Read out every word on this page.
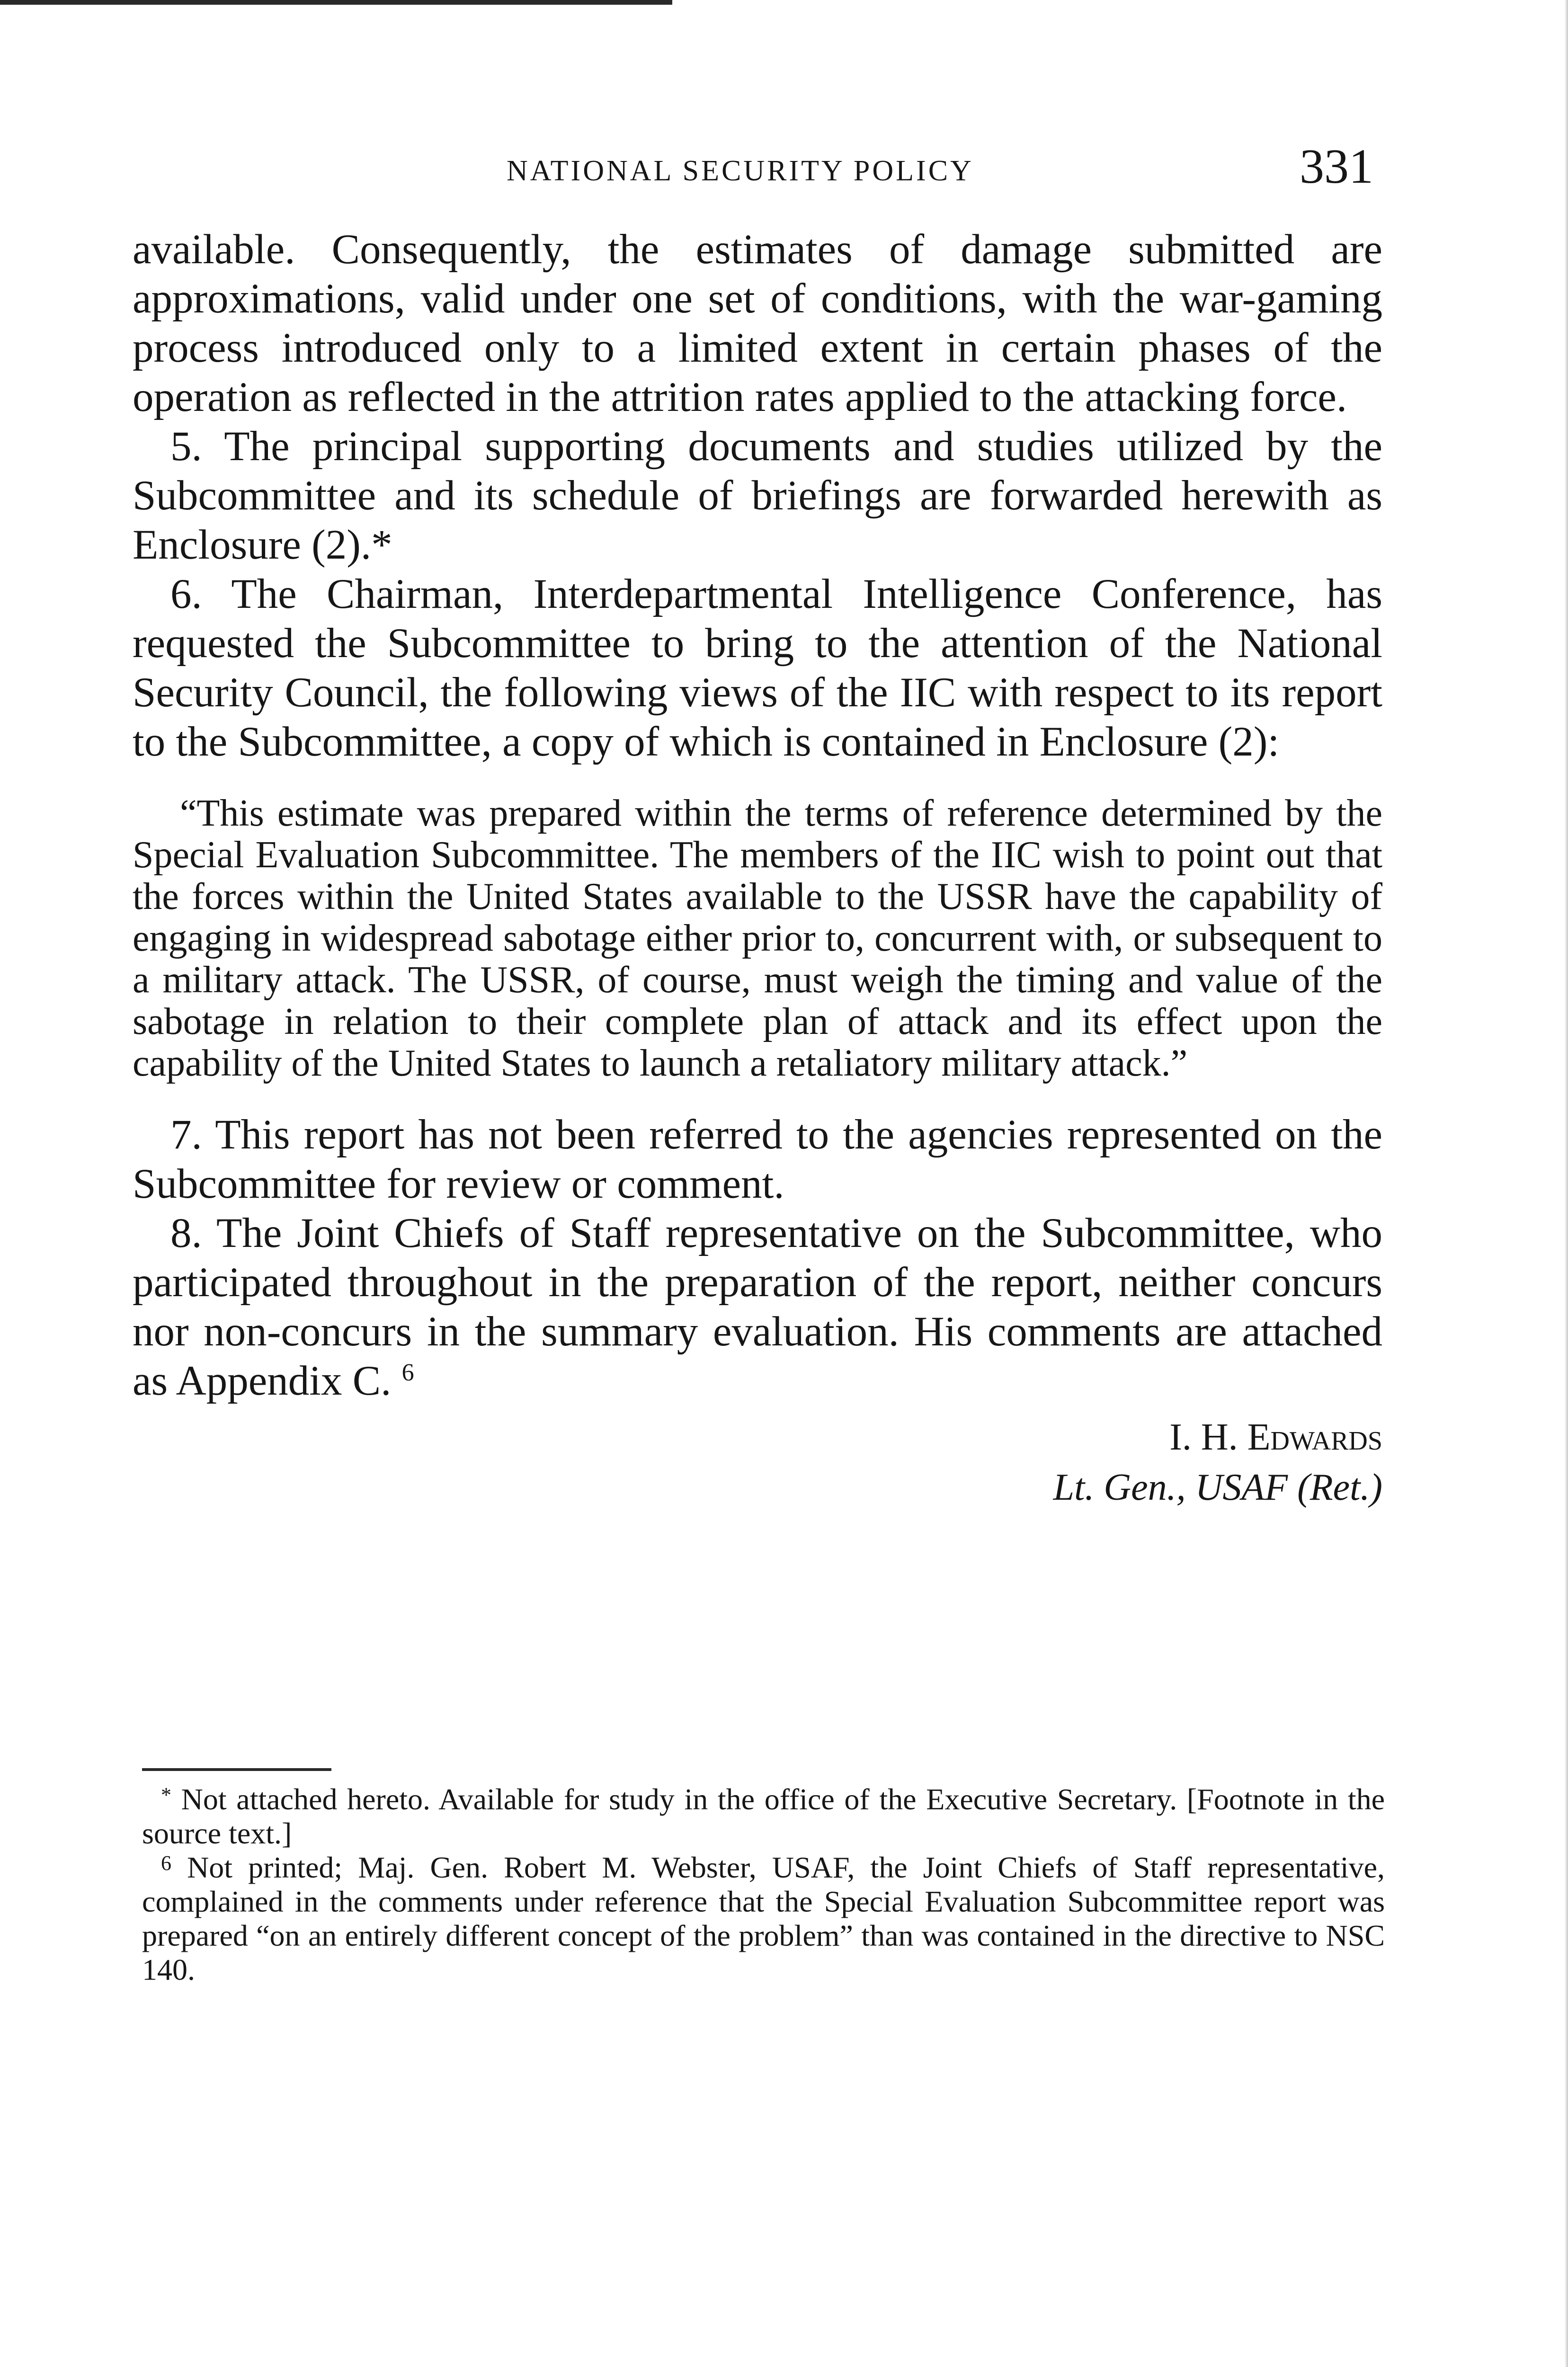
NATIONAL SECURITY POLICY	331

available. Consequently, the estimates of damage submitted are approximations, valid under one set of conditions, with the war-gaming process introduced only to a limited extent in certain phases of the operation as reflected in the attrition rates applied to the attacking force.

5. The principal supporting documents and studies utilized by the Subcommittee and its schedule of briefings are forwarded herewith as Enclosure (2).*

6. The Chairman, Interdepartmental Intelligence Conference, has requested the Subcommittee to bring to the attention of the National Security Council, the following views of the IIC with respect to its report to the Subcommittee, a copy of which is contained in Enclosure (2):

“This estimate was prepared within the terms of reference determined by the Special Evaluation Subcommittee. The members of the IIC wish to point out that the forces within the United States available to the USSR have the capability of engaging in widespread sabotage either prior to, concurrent with, or subsequent to a military attack. The USSR, of course, must weigh the timing and value of the sabotage in relation to their complete plan of attack and its effect upon the capability of the United States to launch a retaliatory military attack.”

7. This report has not been referred to the agencies represented on the Subcommittee for review or comment.

8. The Joint Chiefs of Staff representative on the Subcommittee, who participated throughout in the preparation of the report, neither concurs nor non-concurs in the summary evaluation. His comments are attached as Appendix C. $^6$

I. H. Edwards
Lt. Gen., USAF (Ret.)

* Not attached hereto. Available for study in the office of the Executive Secretary. [Footnote in the source text.]

$^6$ Not printed; Maj. Gen. Robert M. Webster, USAF, the Joint Chiefs of Staff representative, complained in the comments under reference that the Special Evaluation Subcommittee report was prepared “on an entirely different concept of the problem” than was contained in the directive to NSC 140.
